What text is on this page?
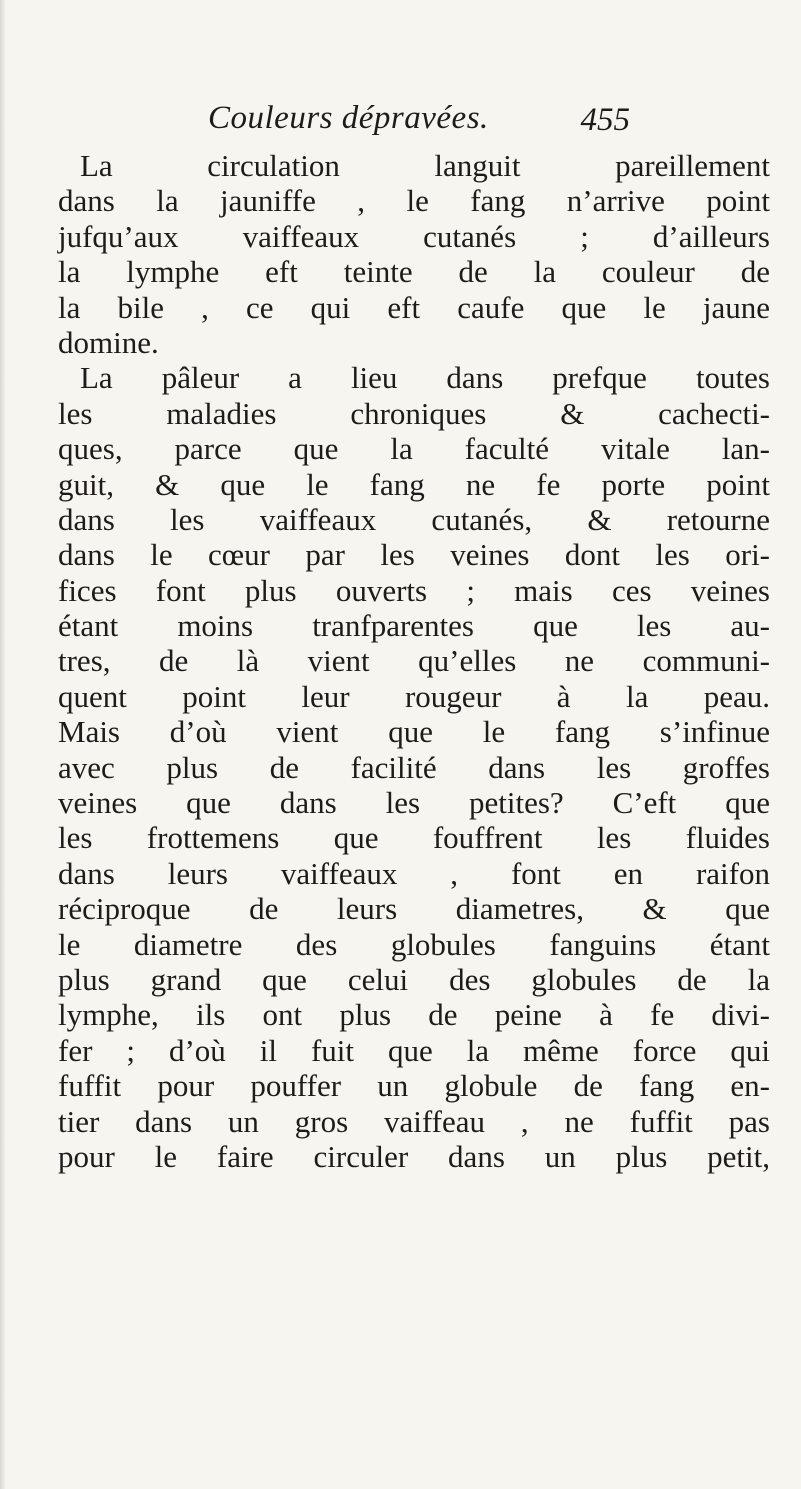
Couleurs dépravées.	455
La circulation languit pareillement
dans la jauniffe , le fang n’arrive point
jufqu’aux vaiffeaux cutanés ; d’ailleurs
la lymphe eft teinte de la couleur de
la bile , ce qui eft caufe que le jaune
domine.
La pâleur a lieu dans prefque toutes
les maladies chroniques & cachecti-
ques, parce que la faculté vitale lan-
guit, & que le fang ne fe porte point
dans les vaiffeaux cutanés, & retourne
dans le cœur par les veines dont les ori-
fices font plus ouverts ; mais ces veines
étant moins tranfparentes que les au-
tres, de là vient qu’elles ne communi-
quent point leur rougeur à la peau.
Mais d’où vient que le fang s’infinue
avec plus de facilité dans les groffes
veines que dans les petites? C’eft que
les frottemens que fouffrent les fluides
dans leurs vaiffeaux , font en raifon
réciproque de leurs diametres, & que
le diametre des globules fanguins étant
plus grand que celui des globules de la
lymphe, ils ont plus de peine à fe divi-
fer ; d’où il fuit que la même force qui
fuffit pour pouffer un globule de fang en-
tier dans un gros vaiffeau , ne fuffit pas
pour le faire circuler dans un plus petit,
